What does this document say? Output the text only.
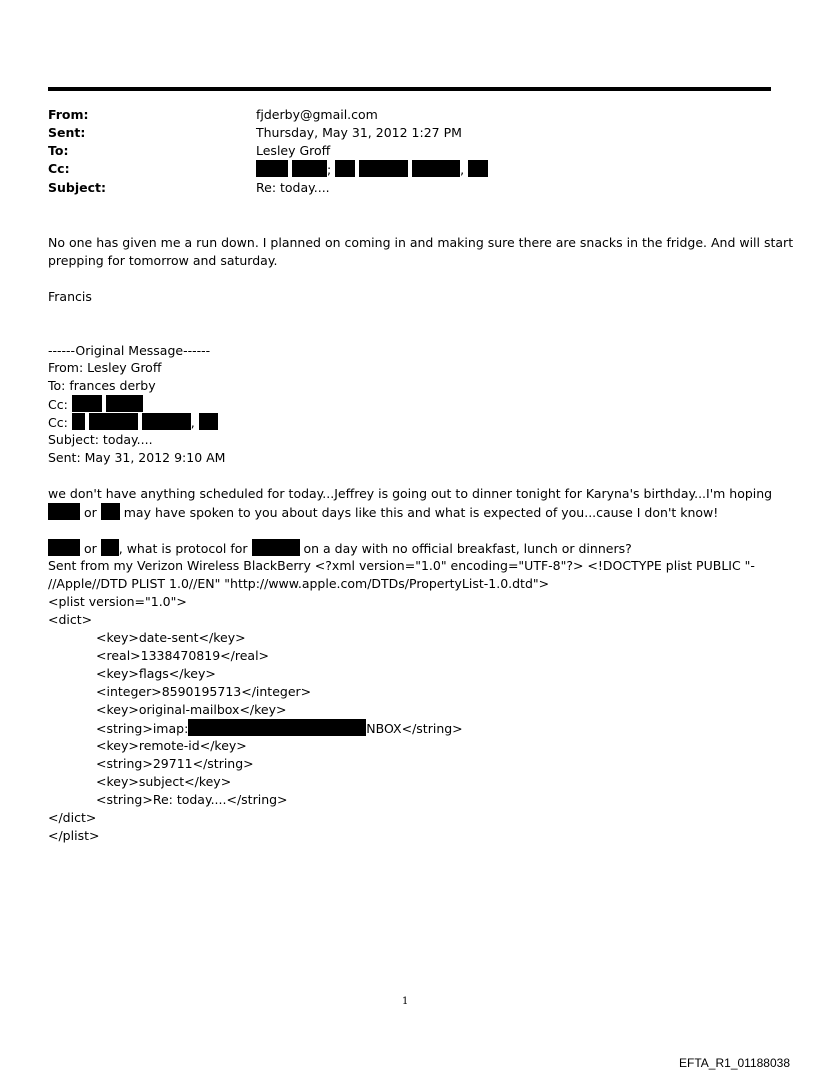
From:	fjderby@gmail.com
Sent:	Thursday, May 31, 2012 1:27 PM
To:	Lesley Groff
Cc:	;	,
Subject:	Re: today....
No one has given me a run down. I planned on coming in and making sure there are snacks in the fridge. And will start
prepping for tomorrow and saturday.
Francis
------Original Message------
From: Lesley Groff
To: frances derby
Cc:
Cc:	,
Subject: today....
Sent: May 31, 2012 9:10 AM
we don't have anything scheduled for today...Jeffrey is going out to dinner tonight for Karyna's birthday...I'm hoping
or may have spoken to you about days like this and what is expected of you...cause I don't know!
or , what is protocol for	on a day with no official breakfast, lunch or dinners?
Sent from my Verizon Wireless BlackBerry <?xml version="1.0" encoding="UTF-8"?> <!DOCTYPE plist PUBLIC "-
//Apple//DTD PLIST 1.0//EN" "http://www.apple.com/DTDs/PropertyList-1.0.dtd">
<plist version="1.0">
<dict>
<key>date-sent</key>
<real>1338470819</real>
<key>flags</key>
<integer>8590195713</integer>
<key>original-mailbox</key>
<string>imap:	NBOX</string>
<key>remote-id</key>
<string>29711</string>
<key>subject</key>
<string>Re: today....</string>
</dict>
</plist>
1
EFTA_R1_01188038
